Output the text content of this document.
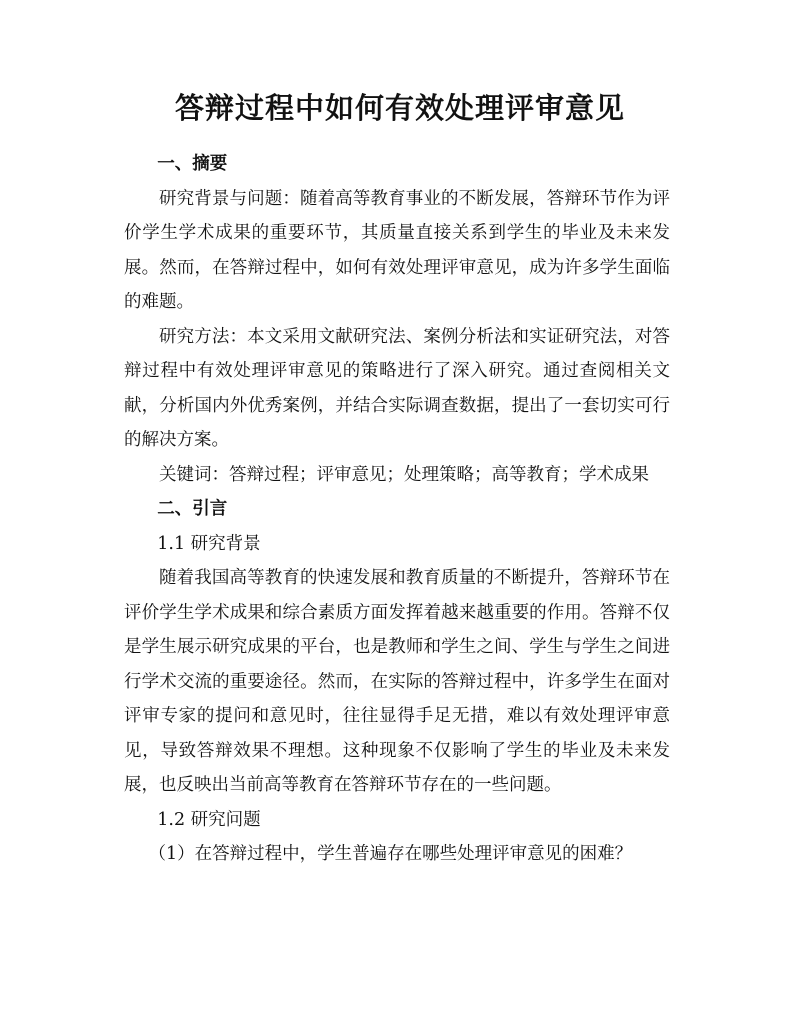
答辩过程中如何有效处理评审意见

一、摘要

研究背景与问题：随着高等教育事业的不断发展，答辩环节作为评价学生学术成果的重要环节，其质量直接关系到学生的毕业及未来发展。然而，在答辩过程中，如何有效处理评审意见，成为许多学生面临的难题。

研究方法：本文采用文献研究法、案例分析法和实证研究法，对答辩过程中有效处理评审意见的策略进行了深入研究。通过查阅相关文献，分析国内外优秀案例，并结合实际调查数据，提出了一套切实可行的解决方案。

关键词：答辩过程；评审意见；处理策略；高等教育；学术成果

二、引言

1.1 研究背景

随着我国高等教育的快速发展和教育质量的不断提升，答辩环节在评价学生学术成果和综合素质方面发挥着越来越重要的作用。答辩不仅是学生展示研究成果的平台，也是教师和学生之间、学生与学生之间进行学术交流的重要途径。然而，在实际的答辩过程中，许多学生在面对评审专家的提问和意见时，往往显得手足无措，难以有效处理评审意见，导致答辩效果不理想。这种现象不仅影响了学生的毕业及未来发展，也反映出当前高等教育在答辩环节存在的一些问题。

1.2 研究问题

（1）在答辩过程中，学生普遍存在哪些处理评审意见的困难？
